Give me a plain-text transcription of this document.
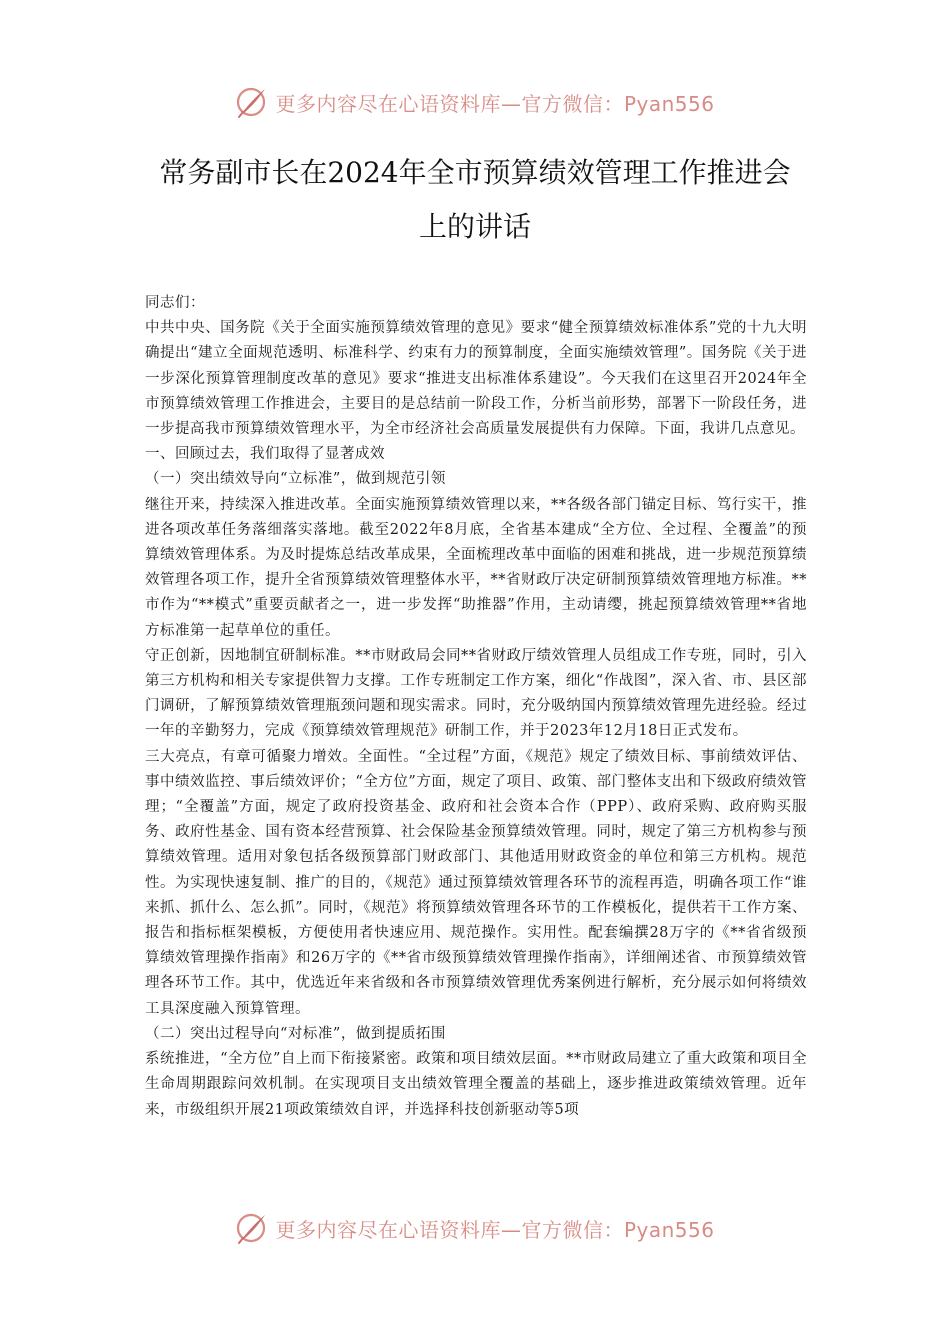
更多内容尽在心语资料库—官方微信：Pyan556
常务副市长在2024年全市预算绩效管理工作推进会
上的讲话

同志们：

中共中央、国务院《关于全面实施预算绩效管理的意见》要求“健全预算绩效标准体系”党的十九大明确提出“建立全面规范透明、标准科学、约束有力的预算制度，全面实施绩效管理”。国务院《关于进一步深化预算管理制度改革的意见》要求“推进支出标准体系建设”。今天我们在这里召开2024年全市预算绩效管理工作推进会，主要目的是总结前一阶段工作，分析当前形势，部署下一阶段任务，进一步提高我市预算绩效管理水平，为全市经济社会高质量发展提供有力保障。下面，我讲几点意见。

一、回顾过去，我们取得了显著成效

（一）突出绩效导向“立标准”，做到规范引领

继往开来，持续深入推进改革。全面实施预算绩效管理以来，**各级各部门锚定目标、笃行实干，推进各项改革任务落细落实落地。截至2022年8月底，全省基本建成“全方位、全过程、全覆盖”的预算绩效管理体系。为及时提炼总结改革成果，全面梳理改革中面临的困难和挑战，进一步规范预算绩效管理各项工作，提升全省预算绩效管理整体水平，**省财政厅决定研制预算绩效管理地方标准。**市作为“**模式”重要贡献者之一，进一步发挥“助推器”作用，主动请缨，挑起预算绩效管理**省地方标准第一起草单位的重任。

守正创新，因地制宜研制标准。**市财政局会同**省财政厅绩效管理人员组成工作专班，同时，引入第三方机构和相关专家提供智力支撑。工作专班制定工作方案，细化“作战图”，深入省、市、县区部门调研，了解预算绩效管理瓶颈问题和现实需求。同时，充分吸纳国内预算绩效管理先进经验。经过一年的辛勤努力，完成《预算绩效管理规范》研制工作，并于2023年12月18日正式发布。

三大亮点，有章可循聚力增效。全面性。“全过程”方面，《规范》规定了绩效目标、事前绩效评估、事中绩效监控、事后绩效评价；“全方位”方面，规定了项目、政策、部门整体支出和下级政府绩效管理；“全覆盖”方面，规定了政府投资基金、政府和社会资本合作（PPP）、政府采购、政府购买服务、政府性基金、国有资本经营预算、社会保险基金预算绩效管理。同时，规定了第三方机构参与预算绩效管理。适用对象包括各级预算部门财政部门、其他适用财政资金的单位和第三方机构。规范性。为实现快速复制、推广的目的，《规范》通过预算绩效管理各环节的流程再造，明确各项工作“谁来抓、抓什么、怎么抓”。同时，《规范》将预算绩效管理各环节的工作模板化，提供若干工作方案、报告和指标框架模板，方便使用者快速应用、规范操作。实用性。配套编撰28万字的《**省省级预算绩效管理操作指南》和26万字的《**省市级预算绩效管理操作指南》，详细阐述省、市预算绩效管理各环节工作。其中，优选近年来省级和各市预算绩效管理优秀案例进行解析，充分展示如何将绩效工具深度融入预算管理。

（二）突出过程导向“对标准”，做到提质拓围

系统推进，“全方位”自上而下衔接紧密。政策和项目绩效层面。**市财政局建立了重大政策和项目全生命周期跟踪问效机制。在实现项目支出绩效管理全覆盖的基础上，逐步推进政策绩效管理。近年来，市级组织开展21项政策绩效自评，并选择科技创新驱动等5项

更多内容尽在心语资料库—官方微信：Pyan556
